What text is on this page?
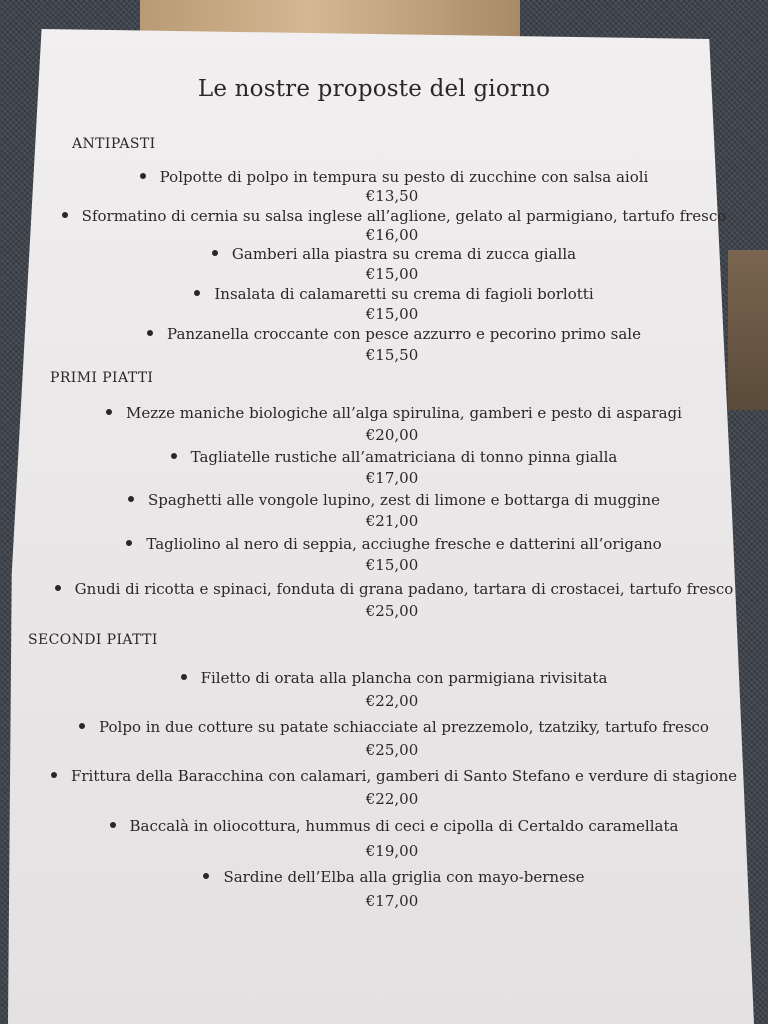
Le nostre proposte del giorno
ANTIPASTI
Polpotte di polpo in tempura su pesto di zucchine con salsa aioli
€13,50
Sformatino di cernia su salsa inglese all’aglione, gelato al parmigiano, tartufo fresco
€16,00
Gamberi alla piastra su crema di zucca gialla
€15,00
Insalata di calamaretti su crema di fagioli borlotti
€15,00
Panzanella croccante con pesce azzurro e pecorino primo sale
€15,50
PRIMI PIATTI
Mezze maniche biologiche all’alga spirulina, gamberi e pesto di asparagi
€20,00
Tagliatelle rustiche all’amatriciana di tonno pinna gialla
€17,00
Spaghetti alle vongole lupino, zest di limone e bottarga di muggine
€21,00
Tagliolino al nero di seppia, acciughe fresche e datterini all’origano
€15,00
Gnudi di ricotta e spinaci, fonduta di grana padano, tartara di crostacei, tartufo fresco
€25,00
SECONDI PIATTI
Filetto di orata alla plancha con parmigiana rivisitata
€22,00
Polpo in due cotture su patate schiacciate al prezzemolo, tzatziky, tartufo fresco
€25,00
Frittura della Baracchina con calamari, gamberi di Santo Stefano e verdure di stagione
€22,00
Baccalà in oliocottura, hummus di ceci e cipolla di Certaldo caramellata
€19,00
Sardine dell’Elba alla griglia con mayo-bernese
€17,00
